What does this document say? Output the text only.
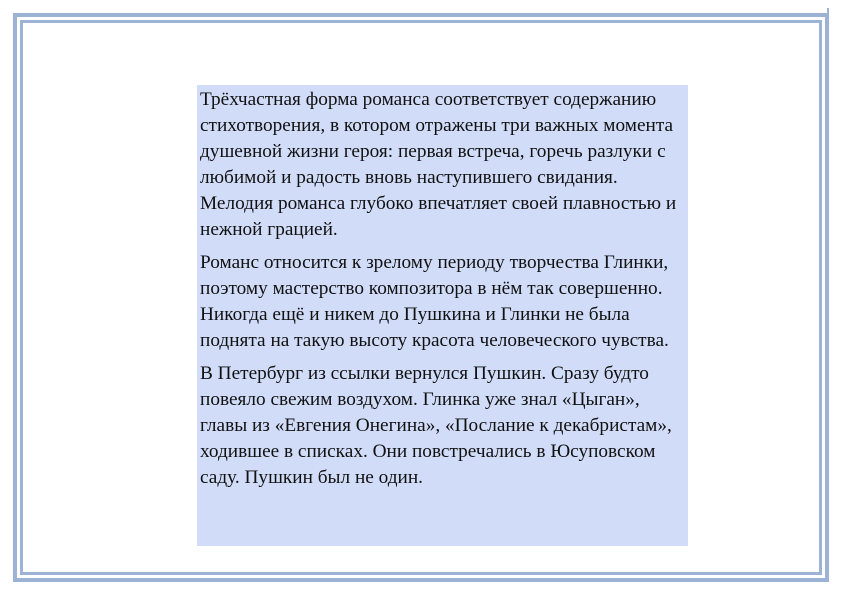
Трёхчастная форма романса соответствует содержанию стихотворения, в котором отражены три важных момента душевной жизни героя: первая встреча, горечь разлуки с любимой и радость вновь наступившего свидания. Мелодия романса глубоко впечатляет своей плавностью и нежной грацией.

Романс относится к зрелому периоду творчества Глинки, поэтому мастерство композитора в нём так совершенно. Никогда ещё и никем до Пушкина и Глинки не была поднята на такую высоту красота человеческого чувства.

В Петербург из ссылки вернулся Пушкин. Сразу будто повеяло свежим воздухом. Глинка уже знал «Цыган», главы из «Евгения Онегина», «Послание к декабристам», ходившее в списках. Они повстречались в Юсуповском саду. Пушкин был не один.
